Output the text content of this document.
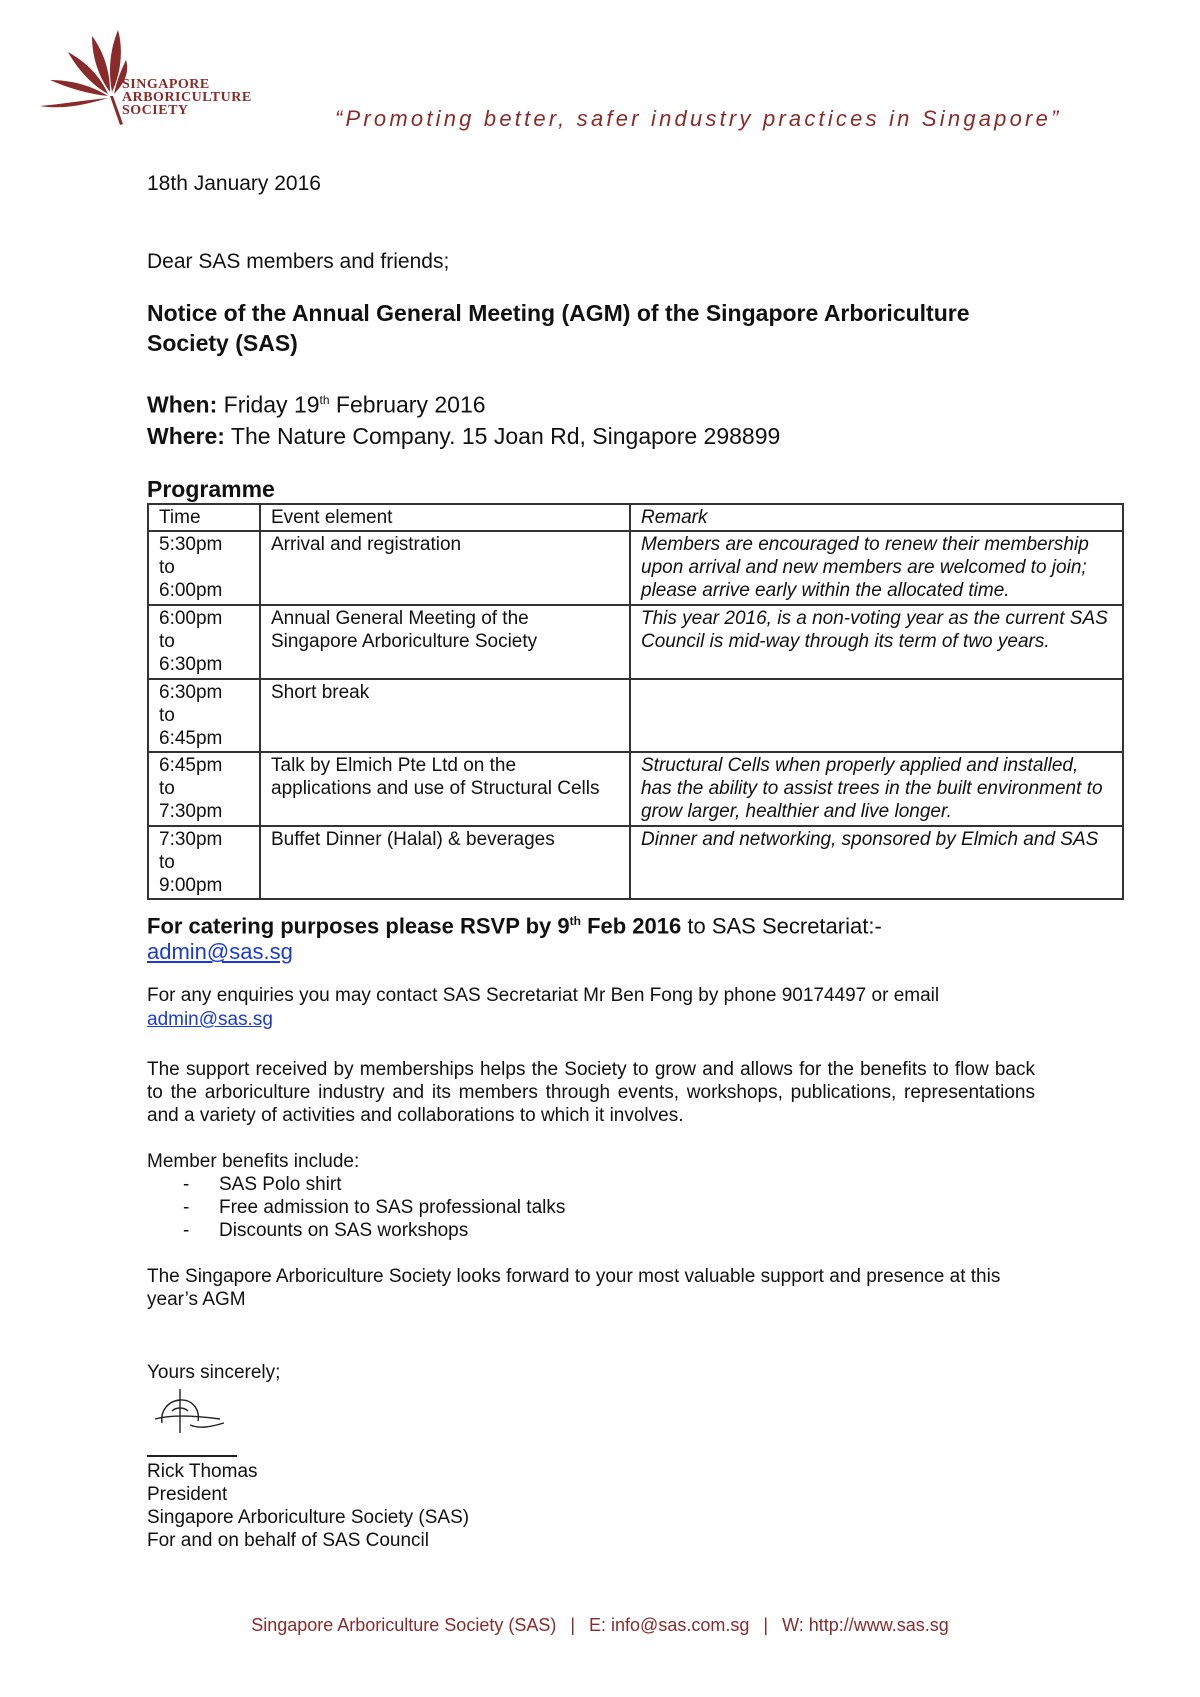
SINGAPORE
ARBORICULTURE
SOCIETY	“Promoting better, safer industry practices in Singapore”
18th January 2016
Dear SAS members and friends;
Notice of the Annual General Meeting (AGM) of the Singapore Arboriculture Society (SAS)
When: Friday 19th February 2016
Where: The Nature Company. 15 Joan Rd, Singapore 298899
Programme
Time	Event element	Remark

5:30pm
to
6:00pm	Arrival and registration	Members are encouraged to renew their membership upon arrival and new members are welcomed to join; please arrive early within the allocated time.

6:00pm
to
6:30pm	Annual General Meeting of the Singapore Arboriculture Society	This year 2016, is a non-voting year as the current SAS Council is mid-way through its term of two years.

6:30pm
to
6:45pm	Short break	

6:45pm
to
7:30pm	Talk by Elmich Pte Ltd on the applications and use of Structural Cells	Structural Cells when properly applied and installed, has the ability to assist trees in the built environment to grow larger, healthier and live longer.

7:30pm
to
9:00pm	Buffet Dinner (Halal) & beverages	Dinner and networking, sponsored by Elmich and SAS
For catering purposes please RSVP by 9th Feb 2016 to SAS Secretariat:-
admin@sas.sg
For any enquiries you may contact SAS Secretariat Mr Ben Fong by phone 90174497 or email
admin@sas.sg
The support received by memberships helps the Society to grow and allows for the benefits to flow back to the arboriculture industry and its members through events, workshops, publications, representations and a variety of activities and collaborations to which it involves.
Member benefits include:
- SAS Polo shirt
- Free admission to SAS professional talks
- Discounts on SAS workshops
The Singapore Arboriculture Society looks forward to your most valuable support and presence at this year’s AGM
Yours sincerely;
Rick Thomas
President
Singapore Arboriculture Society (SAS)
For and on behalf of SAS Council
Singapore Arboriculture Society (SAS) | E: info@sas.com.sg | W: http://www.sas.sg
